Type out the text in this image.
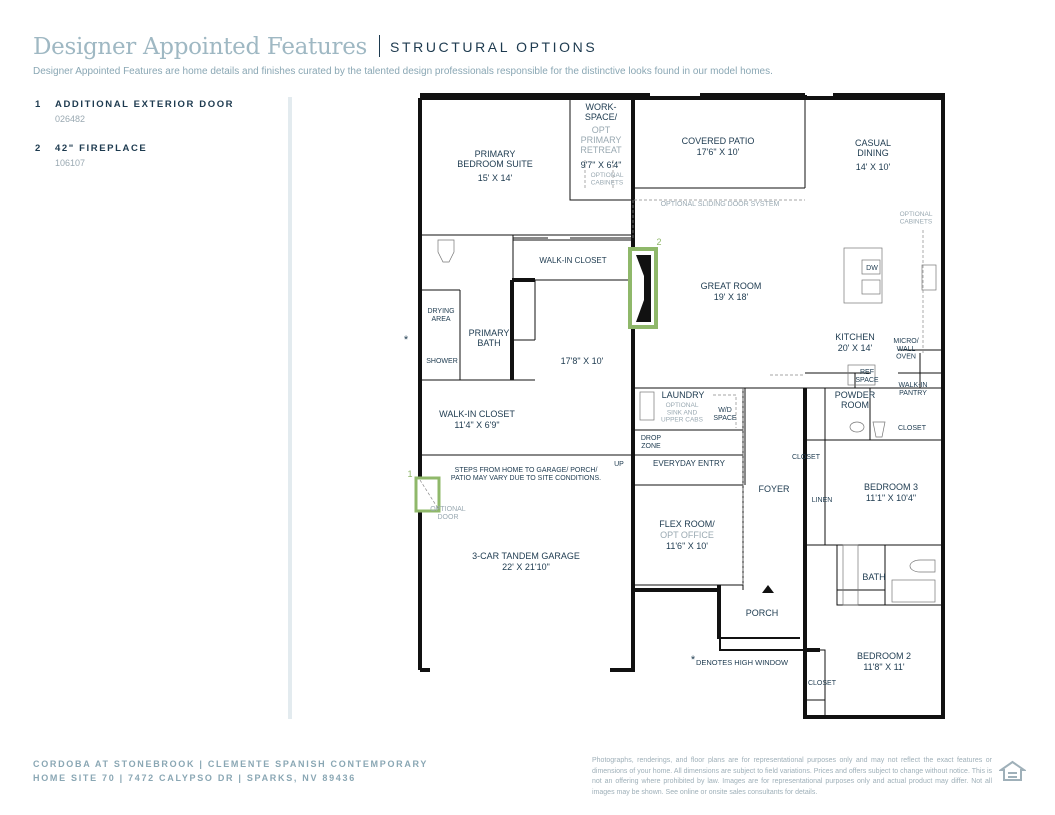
Designer Appointed Features STRUCTURAL OPTIONS
Designer Appointed Features are home details and finishes curated by the talented design professionals responsible for the distinctive looks found in our model homes.
1 ADDITIONAL EXTERIOR DOOR
026482
2 42" FIREPLACE
106107
PRIMARY BEDROOM SUITE
15' X 14'
WORK-SPACE/
OPT PRIMARY RETREAT
9'7" X 6'4"
OPTIONAL CABINETS
COVERED PATIO
17'6" X 10'
CASUAL DINING
14' X 10'
OPTIONAL SLIDING DOOR SYSTEM
OPTIONAL CABINETS
WALK-IN CLOSET
GREAT ROOM
19' X 18'
DW
DRYING AREA
PRIMARY BATH
SHOWER	17'8" X 10'
KITCHEN
20' X 14'
MICRO/ WALL OVEN
REF SPACE
WALK-IN PANTRY
LAUNDRY
OPTIONAL SINK AND UPPER CABS
W/D SPACE
POWDER ROOM
CLOSET
WALK-IN CLOSET
11'4" X 6'9"
DROP ZONE
CLOSET
STEPS FROM HOME TO GARAGE/ PORCH/ PATIO MAY VARY DUE TO SITE CONDITIONS.
UP	EVERYDAY ENTRY
FOYER	BEDROOM 3
11'1" X 10'4"
LINEN
OPTIONAL DOOR
FLEX ROOM/
OPT OFFICE
11'6" X 10'
3-CAR TANDEM GARAGE
22' X 21'10"
BATH
PORCH
DENOTES HIGH WINDOW
BEDROOM 2
11'8" X 11'
CLOSET
*
*
1
2
CORDOBA AT STONEBROOK | CLEMENTE SPANISH CONTEMPORARY
HOME SITE 70 | 7472 CALYPSO DR | SPARKS, NV 89436
Photographs, renderings, and floor plans are for representational purposes only and may not reflect the exact features or dimensions of your home. All dimensions are subject to field variations. Prices and offers subject to change without notice. This is not an offering where prohibited by law. Images are for representational purposes only and actual product may differ. Not all images may be shown. See online or onsite sales consultants for details.
